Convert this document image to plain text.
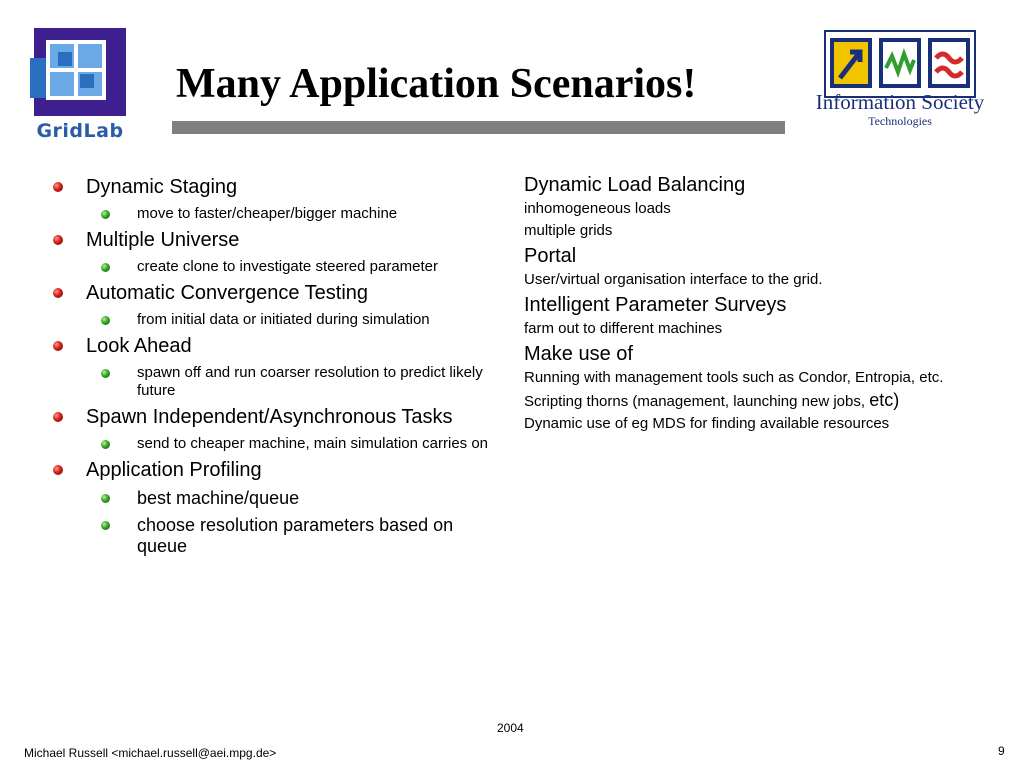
GridLab
Many Application Scenarios!	Information Society
Technologies
Dynamic Staging
move to faster/cheaper/bigger machine
Multiple Universe
create clone to investigate steered parameter
Automatic Convergence Testing
from initial data or initiated during simulation
Look Ahead
spawn off and run coarser resolution to predict likely future
Spawn Independent/Asynchronous Tasks
send to cheaper machine, main simulation carries on
Application Profiling
best machine/queue
choose resolution parameters based on queue
Dynamic Load Balancing
inhomogeneous loads
multiple grids
Portal
User/virtual organisation interface to the grid.
Intelligent Parameter Surveys
farm out to different machines
Make use of
Running with management tools such as Condor, Entropia, etc.
Scripting thorns (management, launching new jobs, etc)
Dynamic use of eg MDS for finding available resources
2004
Michael Russell <michael.russell@aei.mpg.de>	9
